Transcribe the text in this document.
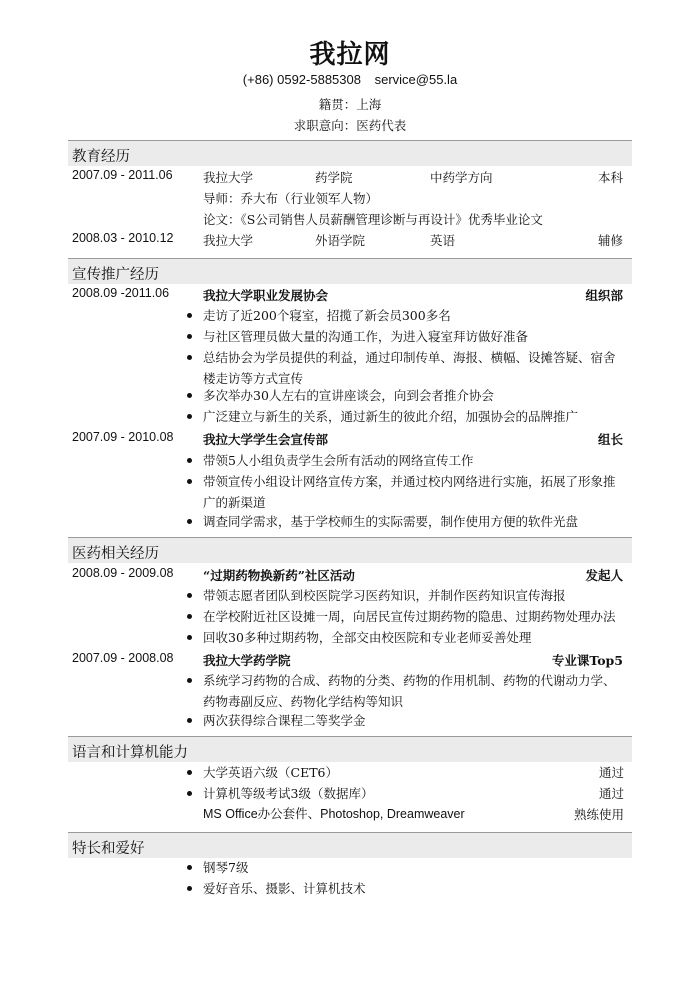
我拉网
(+86) 0592-5885308 service@55.la
籍贯：上海
求职意向：医药代表
教育经历
2007.09 - 2011.06 我拉大学	药学院	中药学方向	本科
导师：乔大布（行业领军人物）
论文：《S公司销售人员薪酬管理诊断与再设计》优秀毕业论文
2008.03 - 2010.12 我拉大学	外语学院	英语	辅修
宣传推广经历
2008.09 -2011.06	我拉大学职业发展协会	组织部
走访了近200个寝室，招揽了新会员300多名
与社区管理员做大量的沟通工作，为进入寝室拜访做好准备
总结协会为学员提供的利益，通过印制传单、海报、横幅、设摊答疑、宿舍楼走访等方式宣传
多次举办30人左右的宣讲座谈会，向到会者推介协会
广泛建立与新生的关系，通过新生的彼此介绍，加强协会的品牌推广
2007.09 - 2010.08 我拉大学学生会宣传部	组长
带领5人小组负责学生会所有活动的网络宣传工作
带领宣传小组设计网络宣传方案，并通过校内网络进行实施，拓展了形象推广的新渠道
调查同学需求，基于学校师生的实际需要，制作使用方便的软件光盘
医药相关经历
2008.09 - 2009.08 “过期药物换新药”社区活动	发起人
带领志愿者团队到校医院学习医药知识，并制作医药知识宣传海报
在学校附近社区设摊一周，向居民宣传过期药物的隐患、过期药物处理办法
回收30多种过期药物，全部交由校医院和专业老师妥善处理
2007.09 - 2008.08 我拉大学药学院	专业课Top5
系统学习药物的合成、药物的分类、药物的作用机制、药物的代谢动力学、药物毒副反应、药物化学结构等知识
两次获得综合课程二等奖学金
语言和计算机能力
大学英语六级（CET6）	通过
计算机等级考试3级（数据库）	通过
MS Office办公套件、Photoshop, Dreamweaver	熟练使用
特长和爱好
钢琴7级
爱好音乐、摄影、计算机技术
